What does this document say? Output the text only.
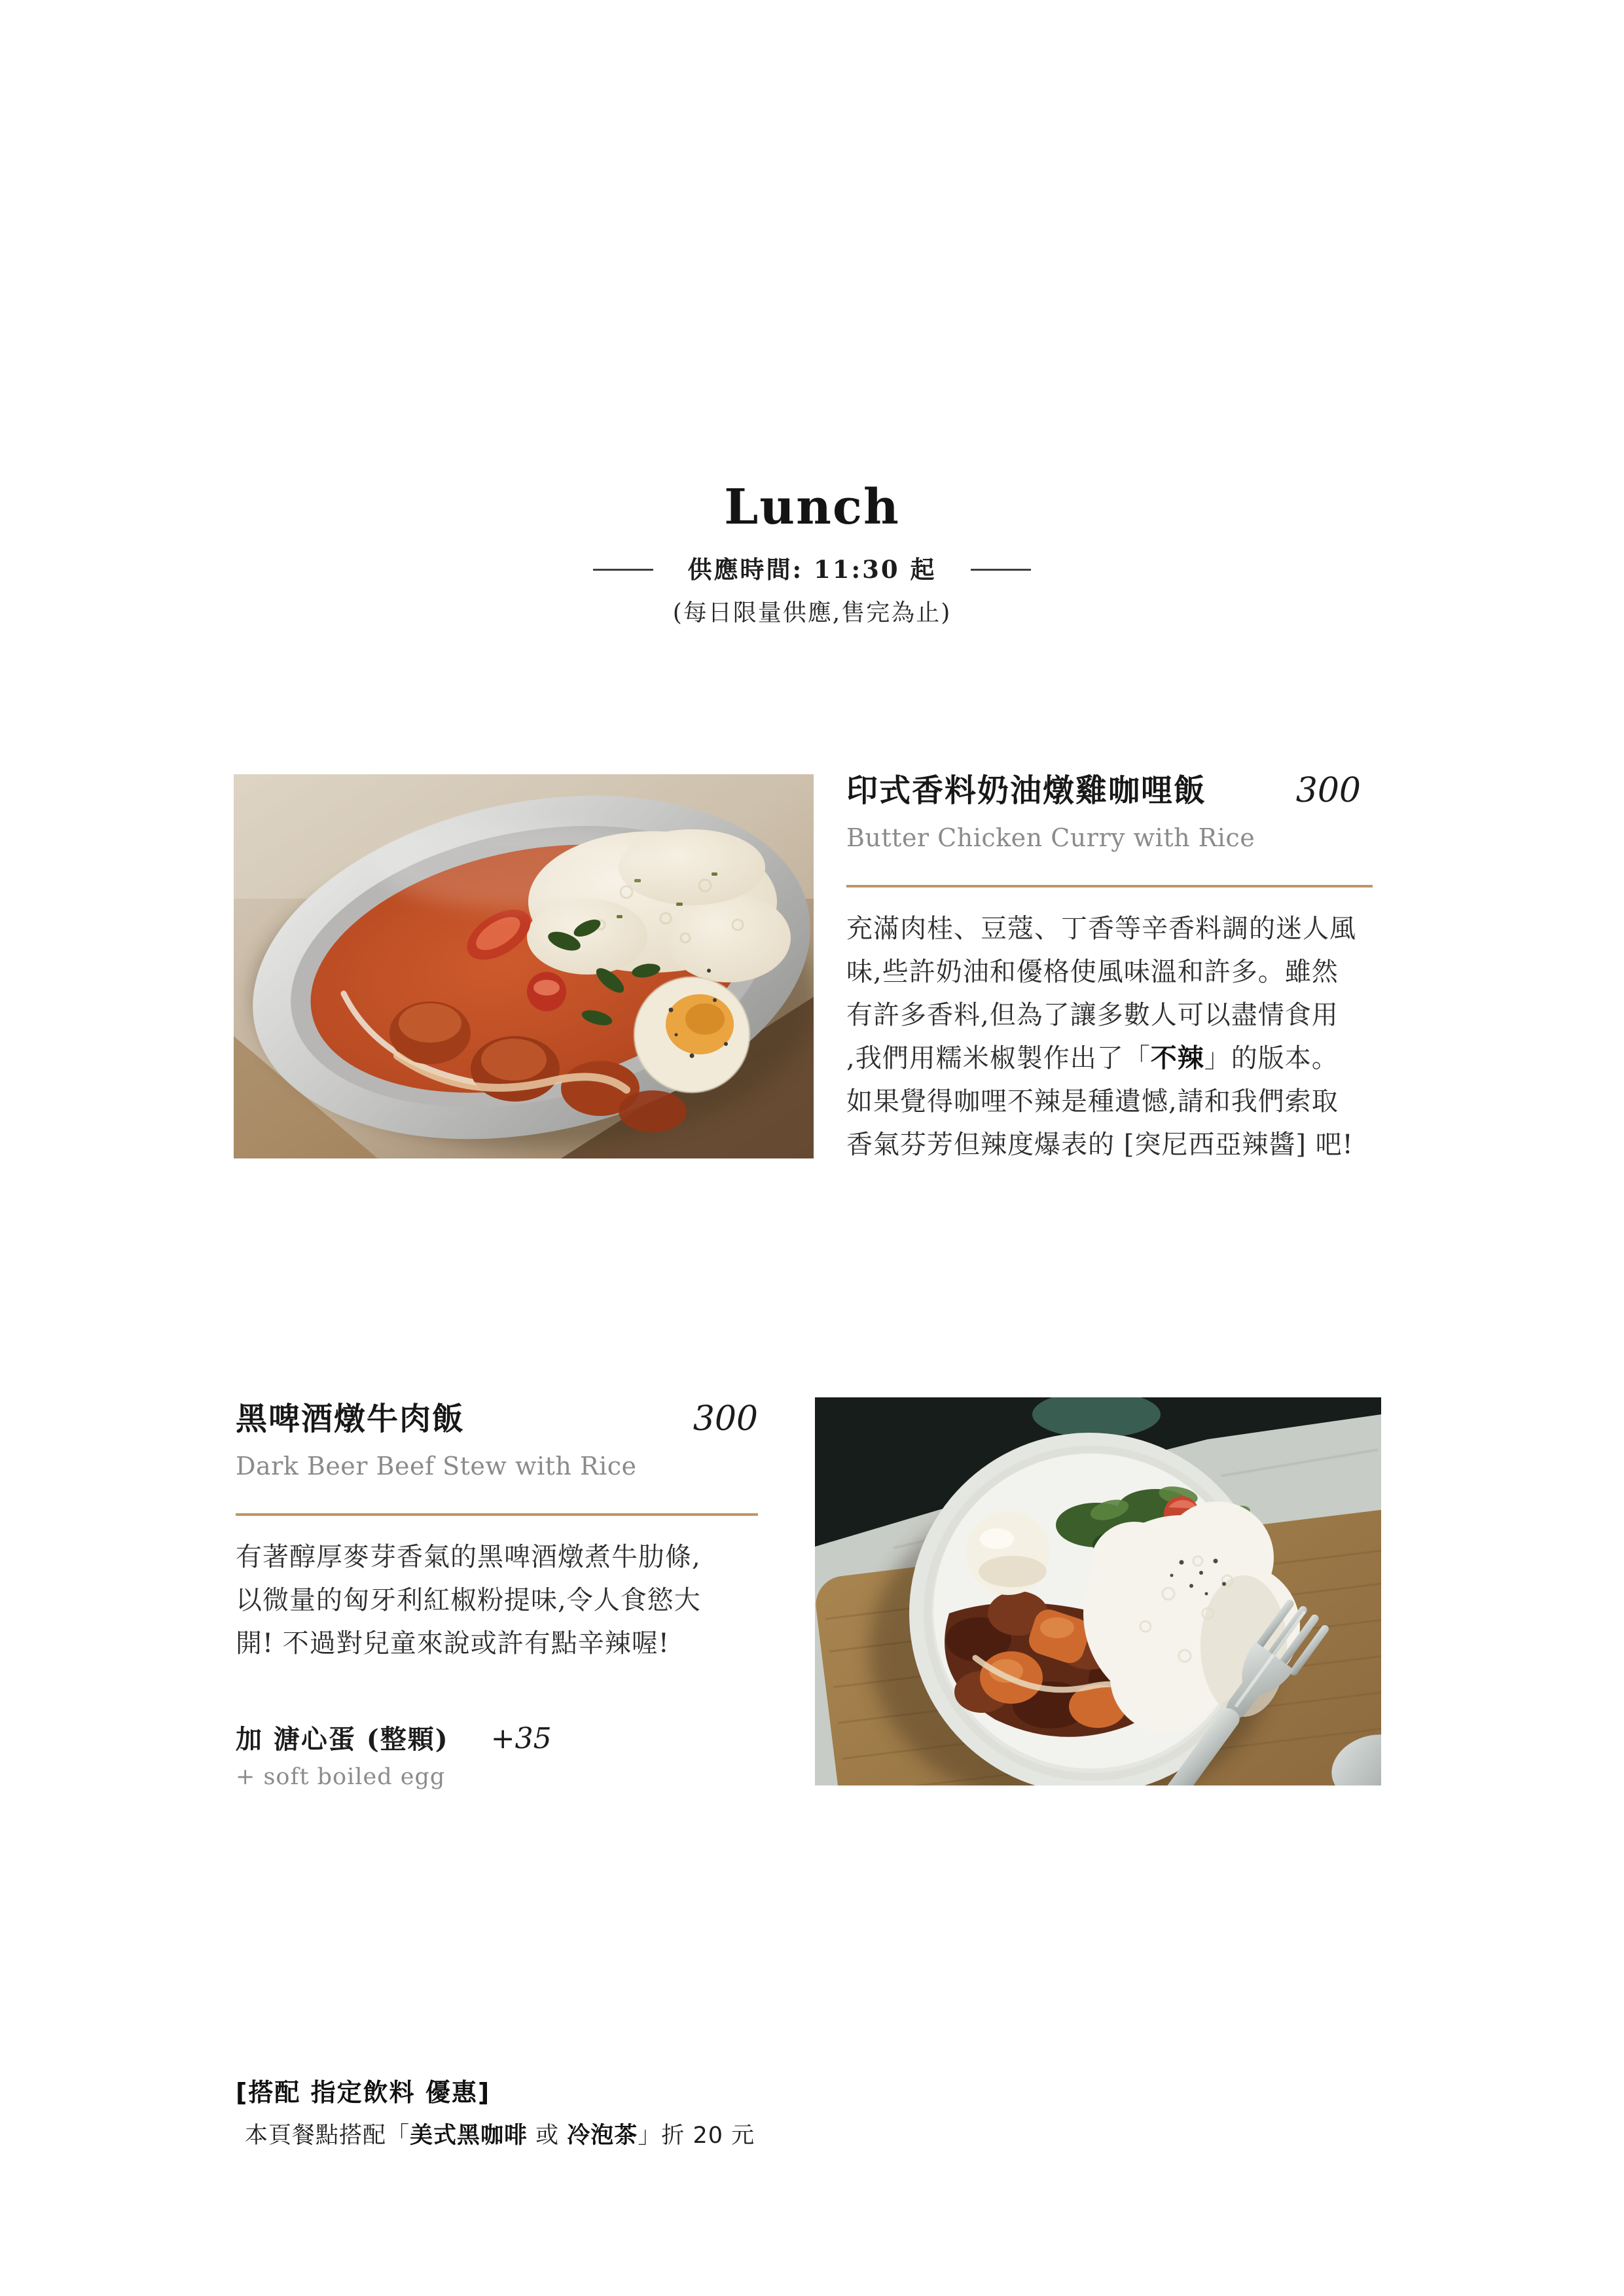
Lunch
供應時間: 11:30 起
(每日限量供應,售完為止)
印式香料奶油燉雞咖哩飯	300
Butter Chicken Curry with Rice
充滿肉桂、豆蔻、丁香等辛香料調的迷人風
味,些許奶油和優格使風味溫和許多。雖然
有許多香料,但為了讓多數人可以盡情食用
,我們用糯米椒製作出了「不辣」的版本。
如果覺得咖哩不辣是種遺憾,請和我們索取
香氣芬芳但辣度爆表的 [突尼西亞辣醬] 吧!
黑啤酒燉牛肉飯	300
Dark Beer Beef Stew with Rice
有著醇厚麥芽香氣的黑啤酒燉煮牛肋條,
以微量的匈牙利紅椒粉提味,令人食慾大
開! 不過對兒童來說或許有點辛辣喔!
加 溏心蛋 (整顆) +35
+ soft boiled egg
[搭配 指定飲料 優惠]
本頁餐點搭配「美式黑咖啡 或 冷泡茶」折 20 元
